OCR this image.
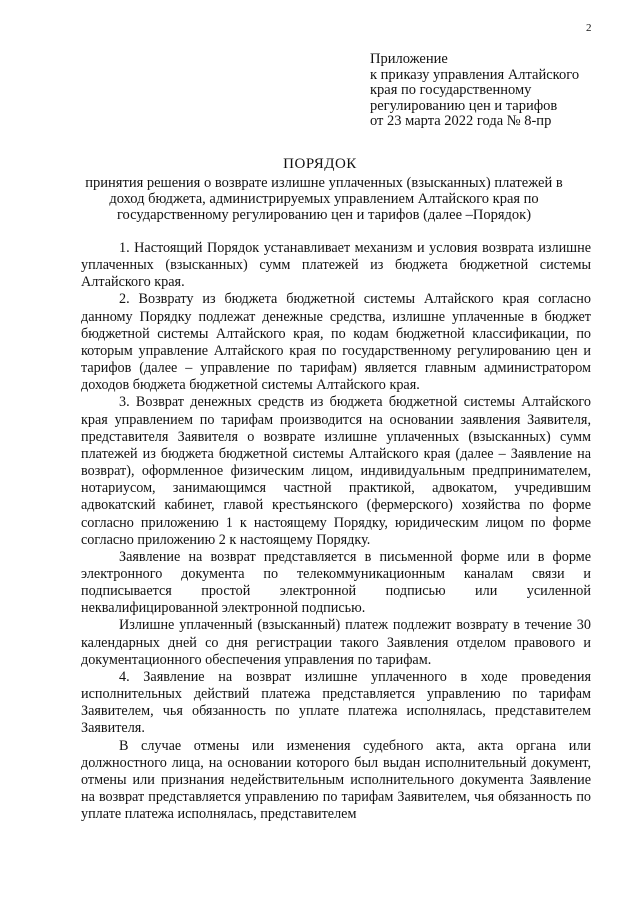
2
Приложение
к приказу управления Алтайского
края по государственному
регулированию цен и тарифов
от 23 марта 2022 года № 8-пр
ПОРЯДОК
принятия решения о возврате излишне уплаченных (взысканных) платежей в
доход бюджета, администрируемых управлением Алтайского края по
государственному регулированию цен и тарифов (далее –Порядок)

1. Настоящий Порядок устанавливает механизм и условия возврата излишне уплаченных (взысканных) сумм платежей из бюджета бюджетной системы Алтайского края.

2. Возврату из бюджета бюджетной системы Алтайского края согласно данному Порядку подлежат денежные средства, излишне уплаченные в бюджет бюджетной системы Алтайского края, по кодам бюджетной классификации, по которым управление Алтайского края по государственному регулированию цен и тарифов (далее – управление по тарифам) является главным администратором доходов бюджета бюджетной системы Алтайского края.

3. Возврат денежных средств из бюджета бюджетной системы Алтайского края управлением по тарифам производится на основании заявления Заявителя, представителя Заявителя о возврате излишне уплаченных (взысканных) сумм платежей из бюджета бюджетной системы Алтайского края (далее – Заявление на возврат), оформленное физическим лицом, индивидуальным предпринимателем, нотариусом, занимающимся частной практикой, адвокатом, учредившим адвокатский кабинет, главой крестьянского (фермерского) хозяйства по форме согласно приложению 1 к настоящему Порядку, юридическим лицом по форме согласно приложению 2 к настоящему Порядку.

Заявление на возврат представляется в письменной форме или в форме электронного документа по телекоммуникационным каналам связи и подписывается простой электронной подписью или усиленной неквалифицированной электронной подписью.

Излишне уплаченный (взысканный) платеж подлежит возврату в течение 30 календарных дней со дня регистрации такого Заявления отделом правового и документационного обеспечения управления по тарифам.

4. Заявление на возврат излишне уплаченного в ходе проведения исполнительных действий платежа представляется управлению по тарифам Заявителем, чья обязанность по уплате платежа исполнялась, представителем Заявителя.

В случае отмены или изменения судебного акта, акта органа или должностного лица, на основании которого был выдан исполнительный документ, отмены или признания недействительным исполнительного документа Заявление на возврат представляется управлению по тарифам Заявителем, чья обязанность по уплате платежа исполнялась, представителем
